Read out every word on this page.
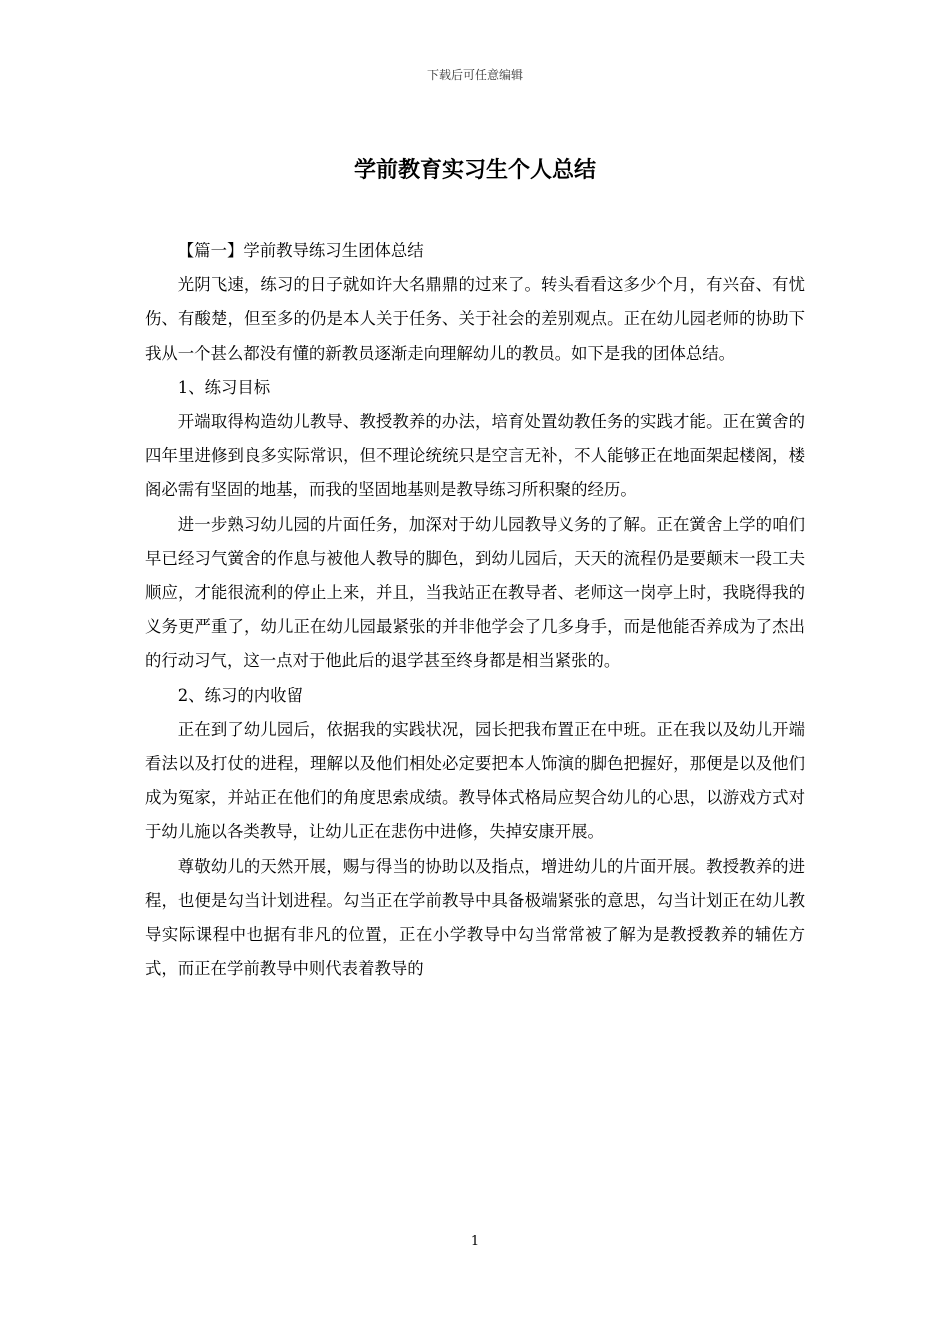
下载后可任意编辑
学前教育实习生个人总结

【篇一】学前教导练习生团体总结

光阴飞速，练习的日子就如许大名鼎鼎的过来了。转头看看这多少个月，有兴奋、有忧伤、有酸楚，但至多的仍是本人关于任务、关于社会的差别观点。正在幼儿园老师的协助下我从一个甚么都没有懂的新教员逐渐走向理解幼儿的教员。如下是我的团体总结。

1、练习目标

开端取得构造幼儿教导、教授教养的办法，培育处置幼教任务的实践才能。正在黉舍的四年里进修到良多实际常识，但不理论统统只是空言无补，不人能够正在地面架起楼阁，楼阁必需有坚固的地基，而我的坚固地基则是教导练习所积聚的经历。

进一步熟习幼儿园的片面任务，加深对于幼儿园教导义务的了解。正在黉舍上学的咱们早已经习气黉舍的作息与被他人教导的脚色，到幼儿园后，天天的流程仍是要颠末一段工夫顺应，才能很流利的停止上来，并且，当我站正在教导者、老师这一岗亭上时，我晓得我的义务更严重了，幼儿正在幼儿园最紧张的并非他学会了几多身手，而是他能否养成为了杰出的行动习气，这一点对于他此后的退学甚至终身都是相当紧张的。

2、练习的内收留

正在到了幼儿园后，依据我的实践状况，园长把我布置正在中班。正在我以及幼儿开端看法以及打仗的进程，理解以及他们相处必定要把本人饰演的脚色把握好，那便是以及他们成为冤家，并站正在他们的角度思索成绩。教导体式格局应契合幼儿的心思，以游戏方式对于幼儿施以各类教导，让幼儿正在悲伤中进修，失掉安康开展。

尊敬幼儿的天然开展，赐与得当的协助以及指点，增进幼儿的片面开展。教授教养的进程，也便是勾当计划进程。勾当正在学前教导中具备极端紧张的意思，勾当计划正在幼儿教导实际课程中也据有非凡的位置，正在小学教导中勾当常常被了解为是教授教养的辅佐方式，而正在学前教导中则代表着教导的

1
